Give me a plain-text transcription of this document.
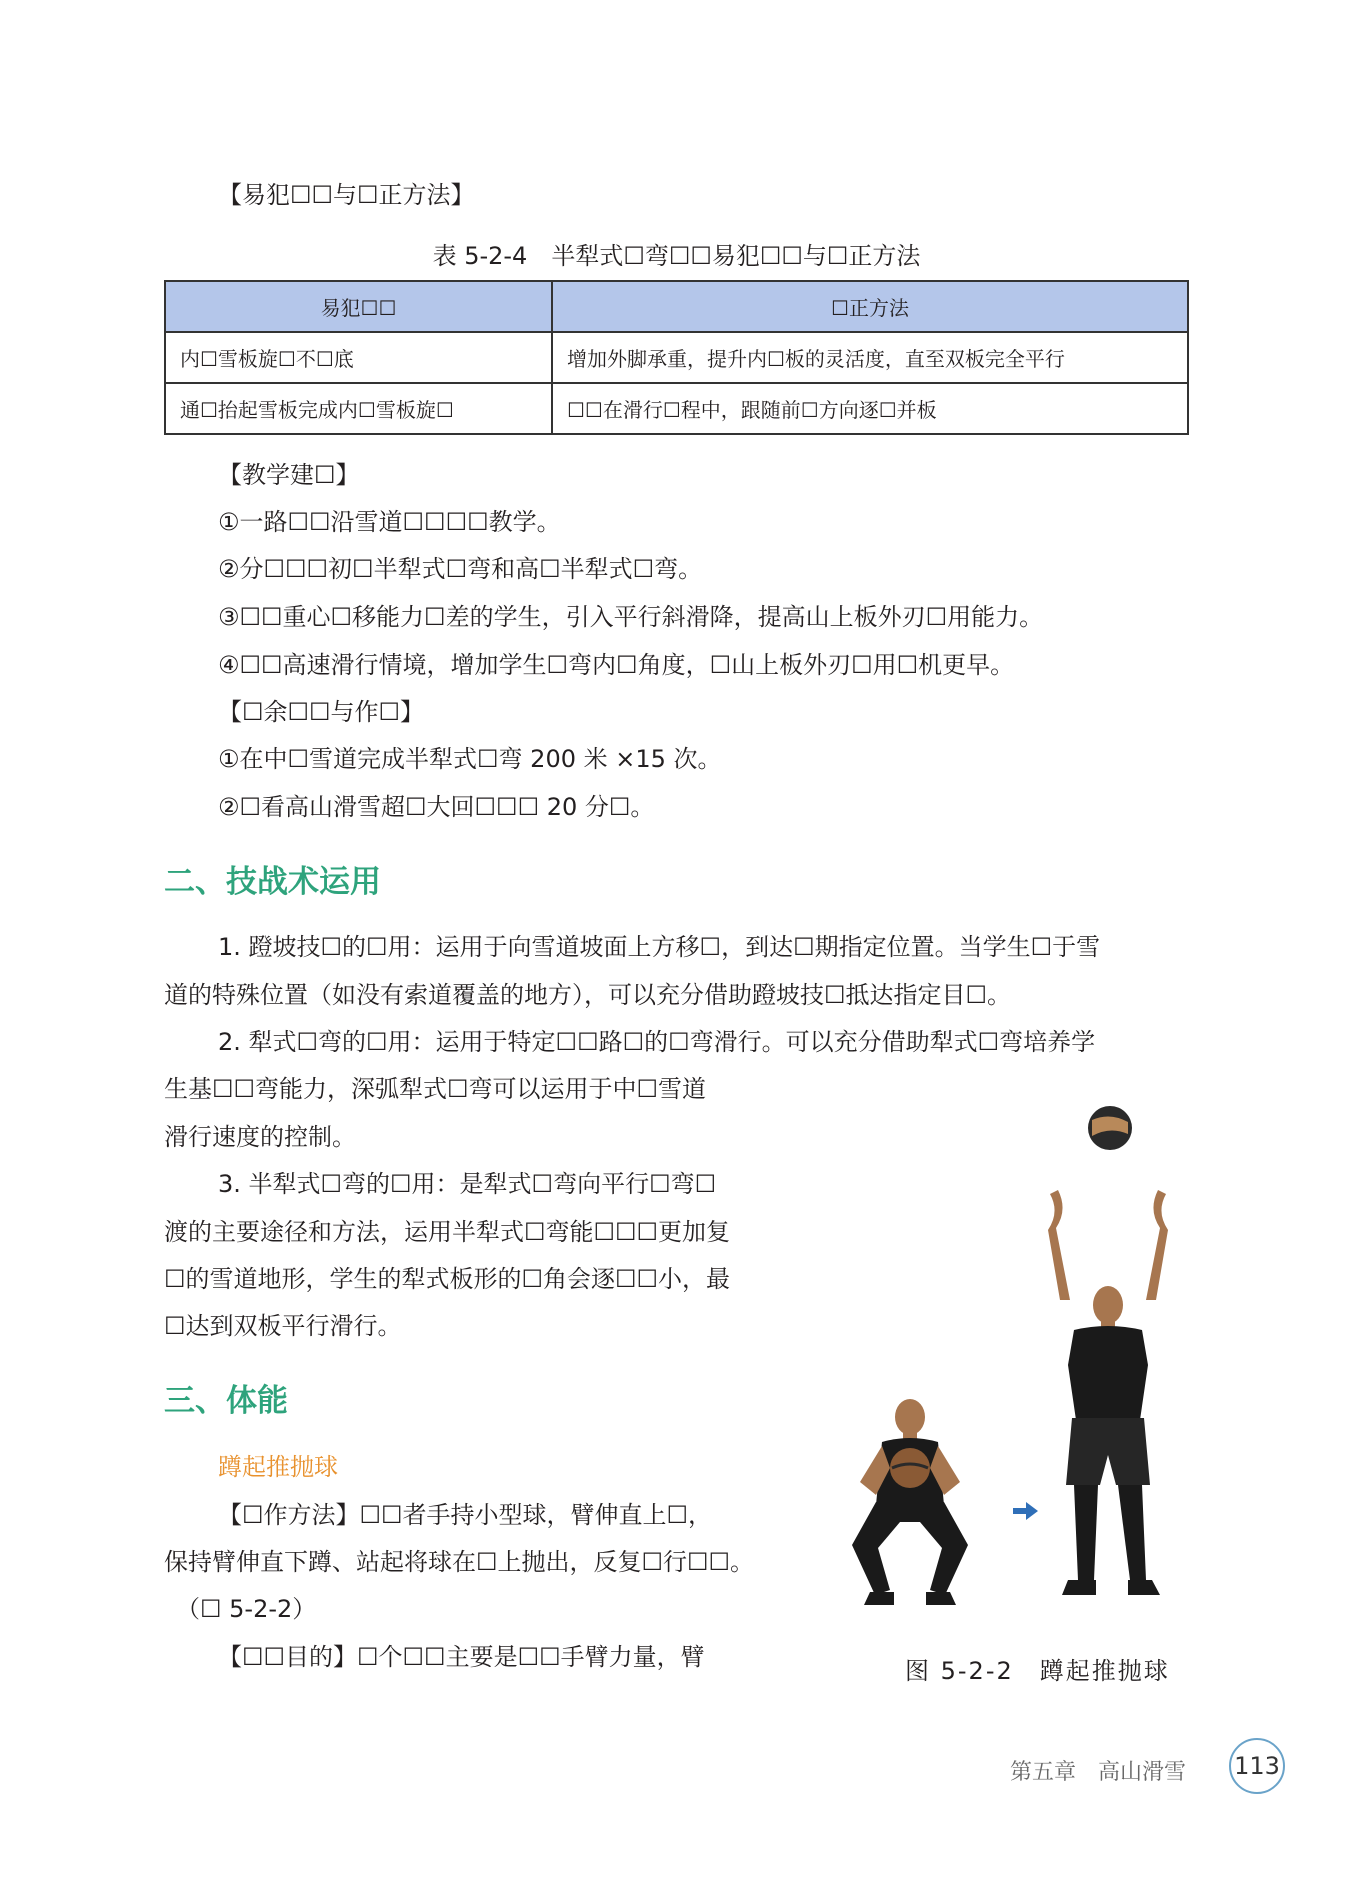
【易犯☐☐与☐正方法】
表 5-2-4　半犁式☐弯☐☐易犯☐☐与☐正方法
易犯☐☐	☐正方法
内☐雪板旋☐不☐底	增加外脚承重，提升内☐板的灵活度，直至双板完全平行
通☐抬起雪板完成内☐雪板旋☐	☐☐在滑行☐程中，跟随前☐方向逐☐并板
【教学建☐】
①一路☐☐沿雪道☐☐☐☐教学。
②分☐☐☐初☐半犁式☐弯和高☐半犁式☐弯。
③☐☐重心☐移能力☐差的学生，引入平行斜滑降，提高山上板外刃☐用能力。
④☐☐高速滑行情境，增加学生☐弯内☐角度，☐山上板外刃☐用☐机更早。
【☐余☐☐与作☐】
①在中☐雪道完成半犁式☐弯 200 米 ×15 次。
②☐看高山滑雪超☐大回☐☐☐ 20 分☐。
二、技战术运用
1. 蹬坡技☐的☐用：运用于向雪道坡面上方移☐，到达☐期指定位置。当学生☐于雪
道的特殊位置（如没有索道覆盖的地方），可以充分借助蹬坡技☐抵达指定目☐。
2. 犁式☐弯的☐用：运用于特定☐☐路☐的☐弯滑行。可以充分借助犁式☐弯培养学
生基☐☐弯能力，深弧犁式☐弯可以运用于中☐雪道
滑行速度的控制。
3. 半犁式☐弯的☐用：是犁式☐弯向平行☐弯☐
渡的主要途径和方法，运用半犁式☐弯能☐☐☐更加复
☐的雪道地形，学生的犁式板形的☐角会逐☐☐小，最
☐达到双板平行滑行。
三、体能
蹲起推抛球
【☐作方法】☐☐者手持小型球，臂伸直上☐，
保持臂伸直下蹲、站起将球在☐上抛出，反复☐行☐☐。
（☐ 5-2-2）
【☐☐目的】☐个☐☐主要是☐☐手臂力量，臂	图 5-2-2　蹲起推抛球
第五章　高山滑雪 113
